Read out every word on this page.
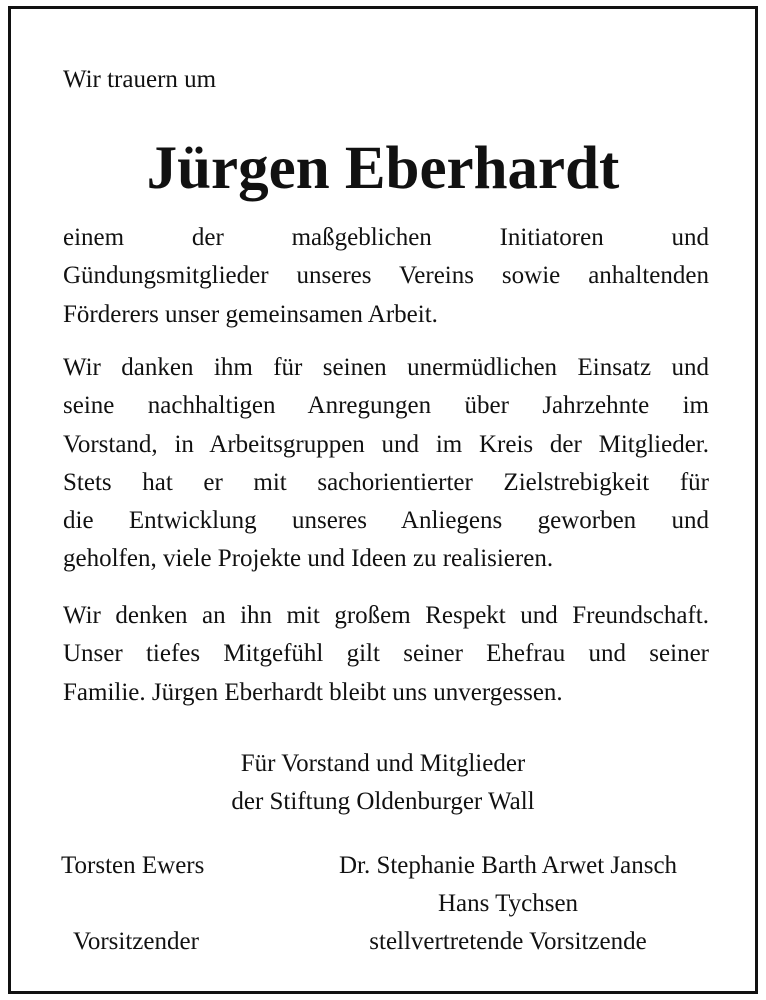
Wir trauern um
Jürgen Eberhardt
einem der maßgeblichen Initiatoren und
Gündungsmitglieder unseres Vereins sowie anhaltenden
Förderers unser gemeinsamen Arbeit.
Wir danken ihm für seinen unermüdlichen Einsatz und
seine nachhaltigen Anregungen über Jahrzehnte im
Vorstand, in Arbeitsgruppen und im Kreis der Mitglieder.
Stets hat er mit sachorientierter Zielstrebigkeit für
die Entwicklung unseres Anliegens geworben und
geholfen, viele Projekte und Ideen zu realisieren.
Wir denken an ihn mit großem Respekt und Freundschaft.
Unser tiefes Mitgefühl gilt seiner Ehefrau und seiner
Familie. Jürgen Eberhardt bleibt uns unvergessen.
Für Vorstand und Mitglieder
der Stiftung Oldenburger Wall
Torsten Ewers
Vorsitzender
Dr. Stephanie Barth Arwet Jansch
Hans Tychsen
stellvertretende Vorsitzende
